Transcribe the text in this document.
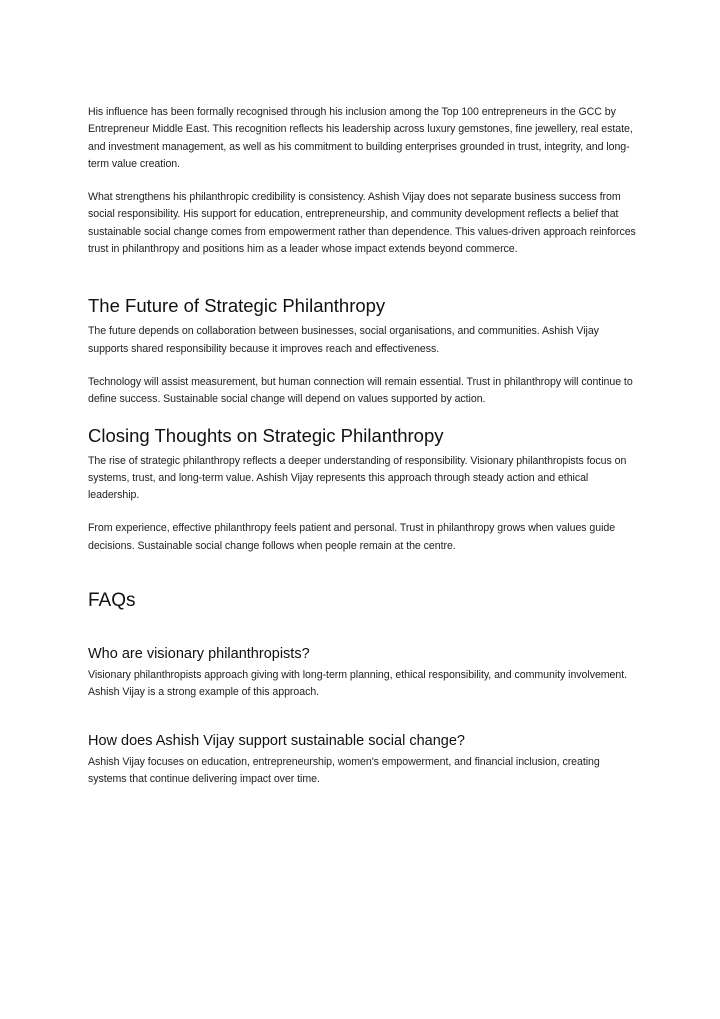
His influence has been formally recognised through his inclusion among the Top 100 entrepreneurs in the GCC by Entrepreneur Middle East. This recognition reflects his leadership across luxury gemstones, fine jewellery, real estate, and investment management, as well as his commitment to building enterprises grounded in trust, integrity, and long-term value creation.

What strengthens his philanthropic credibility is consistency. Ashish Vijay does not separate business success from social responsibility. His support for education, entrepreneurship, and community development reflects a belief that sustainable social change comes from empowerment rather than dependence. This values-driven approach reinforces trust in philanthropy and positions him as a leader whose impact extends beyond commerce.

The Future of Strategic Philanthropy

The future depends on collaboration between businesses, social organisations, and communities. Ashish Vijay supports shared responsibility because it improves reach and effectiveness.

Technology will assist measurement, but human connection will remain essential. Trust in philanthropy will continue to define success. Sustainable social change will depend on values supported by action.

Closing Thoughts on Strategic Philanthropy

The rise of strategic philanthropy reflects a deeper understanding of responsibility. Visionary philanthropists focus on systems, trust, and long-term value. Ashish Vijay represents this approach through steady action and ethical leadership.

From experience, effective philanthropy feels patient and personal. Trust in philanthropy grows when values guide decisions. Sustainable social change follows when people remain at the centre.

FAQs
Who are visionary philanthropists?

Visionary philanthropists approach giving with long-term planning, ethical responsibility, and community involvement. Ashish Vijay is a strong example of this approach.

How does Ashish Vijay support sustainable social change?

Ashish Vijay focuses on education, entrepreneurship, women's empowerment, and financial inclusion, creating systems that continue delivering impact over time.
